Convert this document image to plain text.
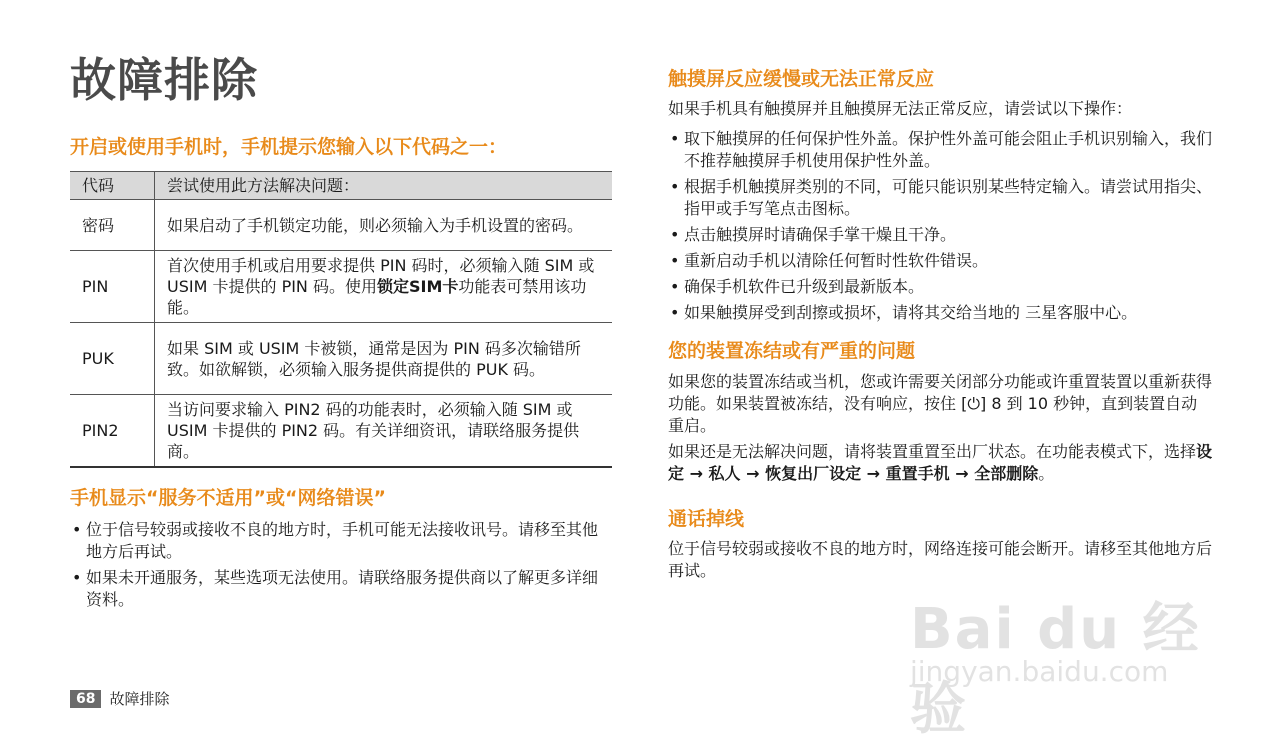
故障排除
开启或使用手机时，手机提示您输入以下代码之一：
代码	尝试使用此方法解决问题：
密码	如果启动了手机锁定功能，则必须输入为手机设置的密码。
PIN	首次使用手机或启用要求提供 PIN 码时，必须输入随 SIM 或 USIM 卡提供的 PIN 码。使用锁定SIM卡功能表可禁用该功能。
PUK	如果 SIM 或 USIM 卡被锁，通常是因为 PIN 码多次输错所致。如欲解锁，必须输入服务提供商提供的 PUK 码。
PIN2	当访问要求输入 PIN2 码的功能表时，必须输入随 SIM 或 USIM 卡提供的 PIN2 码。有关详细资讯，请联络服务提供商。
手机显示“服务不适用”或“网络错误”
• 位于信号较弱或接收不良的地方时，手机可能无法接收讯号。请移至其他地方后再试。
• 如果未开通服务，某些选项无法使用。请联络服务提供商以了解更多详细资料。
触摸屏反应缓慢或无法正常反应
如果手机具有触摸屏并且触摸屏无法正常反应，请尝试以下操作：
• 取下触摸屏的任何保护性外盖。保护性外盖可能会阻止手机识别输入，我们不推荐触摸屏手机使用保护性外盖。
• 根据手机触摸屏类别的不同，可能只能识别某些特定输入。请尝试用指尖、指甲或手写笔点击图标。
• 点击触摸屏时请确保手掌干燥且干净。
• 重新启动手机以清除任何暂时性软件错误。
• 确保手机软件已升级到最新版本。
• 如果触摸屏受到刮擦或损坏，请将其交给当地的 三星客服中心。
您的装置冻结或有严重的问题
如果您的装置冻结或当机，您或许需要关闭部分功能或许重置装置以重新获得功能。如果装置被冻结，没有响应，按住 [⏻] 8 到 10 秒钟，直到装置自动重启。
如果还是无法解决问题，请将装置重置至出厂状态。在功能表模式下，选择设定 → 私人 → 恢复出厂设定 → 重置手机 → 全部删除。
通话掉线
位于信号较弱或接收不良的地方时，网络连接可能会断开。请移至其他地方后再试。
Bai du 经验
jingyan.baidu.com
68 故障排除
